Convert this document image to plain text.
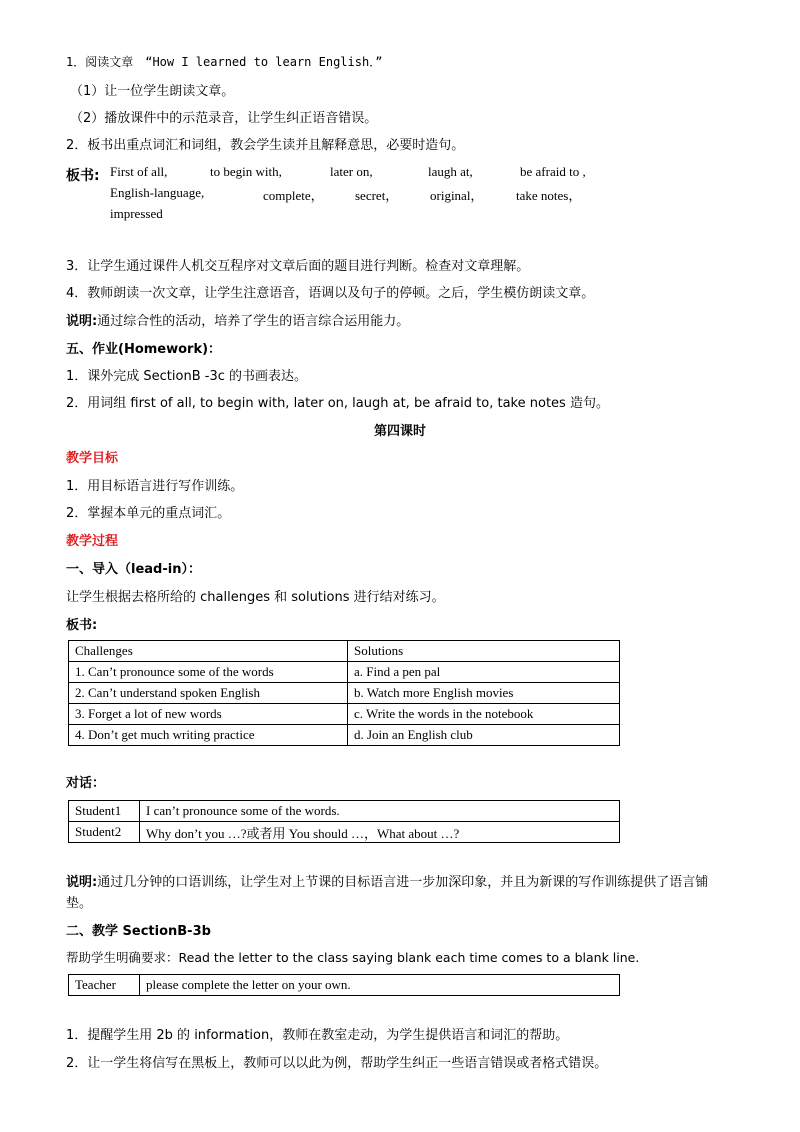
1．阅读文章　“How I learned to learn English．”
（1）让一位学生朗读文章。
（2）播放课件中的示范录音，让学生纠正语音错误。
2．板书出重点词汇和词组，教会学生读并且解释意思，必要时造句。
板书: First of all,	to begin with,	later on,	laugh at,	be afraid to ,
English-language,	complete， secret， original，	take notes，
impressed
3．让学生通过课件人机交互程序对文章后面的题目进行判断。检查对文章理解。
4．教师朗读一次文章，让学生注意语音，语调以及句子的停顿。之后，学生模仿朗读文章。
说明:通过综合性的活动，培养了学生的语言综合运用能力。
五、作业(Homework)：
1．课外完成 SectionB -3c 的书画表达。
2．用词组 first of all, to begin with, later on, laugh at, be afraid to, take notes 造句。
第四课时
教学目标
1．用目标语言进行写作训练。
2．掌握本单元的重点词汇。
教学过程
一、导入（lead-in）：
让学生根据去格所给的 challenges 和 solutions 进行结对练习。
板书:
Challenges	Solutions
1. Can’t pronounce some of the words	a. Find a pen pal
2. Can’t understand spoken English	b. Watch more English movies
3. Forget a lot of new words	c. Write the words in the notebook
4. Don’t get much writing practice	d. Join an English club
对话：
Student1	I can’t pronounce some of the words.
Student2	Why don’t you …?或者用 You should …，What about …?
说明:通过几分钟的口语训练，让学生对上节课的目标语言进一步加深印象，并且为新课的写作训练提供了语言铺
垫。
二、教学 SectionB-3b
帮助学生明确要求：Read the letter to the class saying blank each time comes to a blank line.
Teacher	please complete the letter on your own.
1．提醒学生用 2b 的 information，教师在教室走动，为学生提供语言和词汇的帮助。
2．让一学生将信写在黑板上，教师可以以此为例，帮助学生纠正一些语言错误或者格式错误。
